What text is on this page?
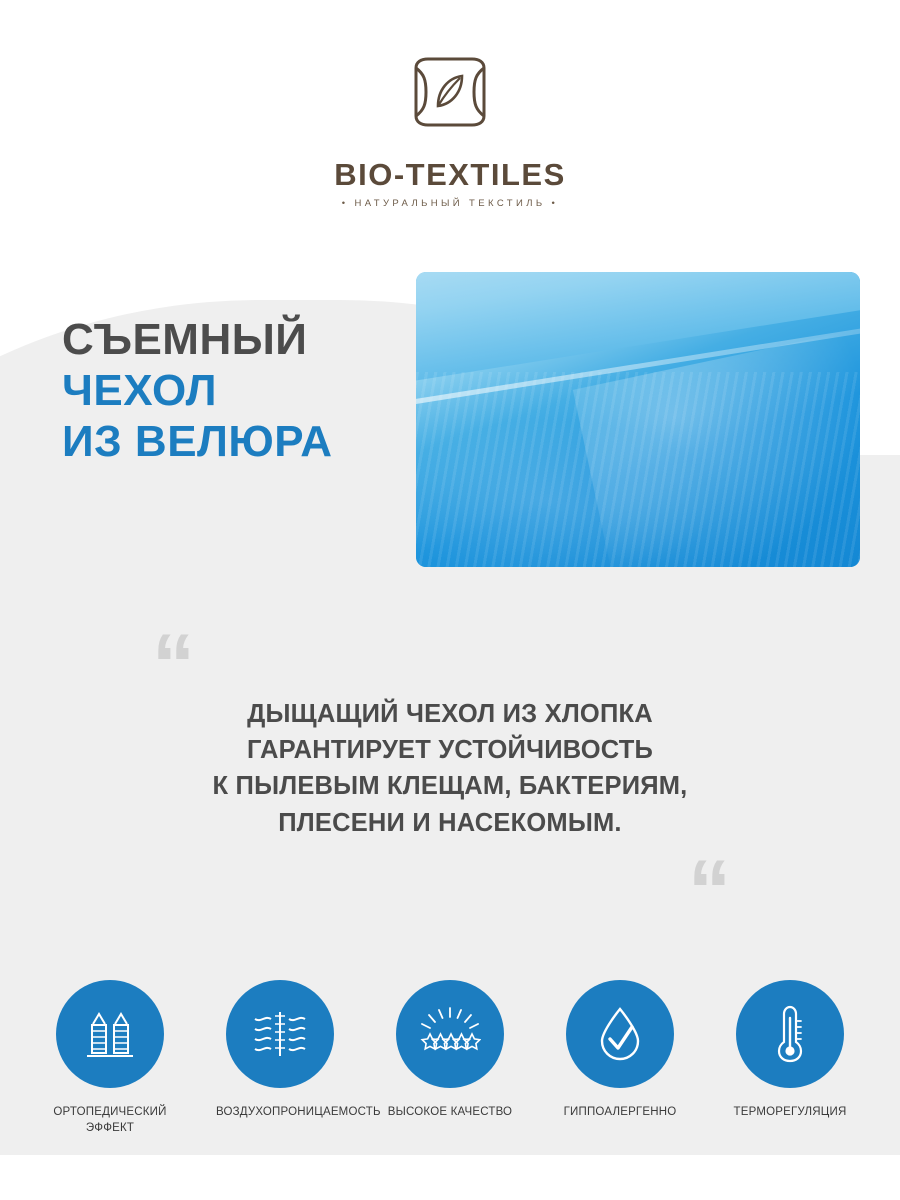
BIO-TEXTILES
• НАТУРАЛЬНЫЙ ТЕКСТИЛЬ •
СЪЕМНЫЙ
ЧЕХОЛ
ИЗ ВЕЛЮРА
“
“
ДЫЩАЩИЙ ЧЕХОЛ ИЗ ХЛОПКА
ГАРАНТИРУЕТ УСТОЙЧИВОСТЬ
К ПЫЛЕВЫМ КЛЕЩАМ, БАКТЕРИЯМ,
ПЛЕСЕНИ И НАСЕКОМЫМ.
ОРТОПЕДИЧЕСКИЙ ЭФФЕКТ
ВОЗДУХОПРОНИЦАЕМОСТЬ ВЫСОКОЕ КАЧЕСТВО	ГИППОАЛЕРГЕННО	ТЕРМОРЕГУЛЯЦИЯ
